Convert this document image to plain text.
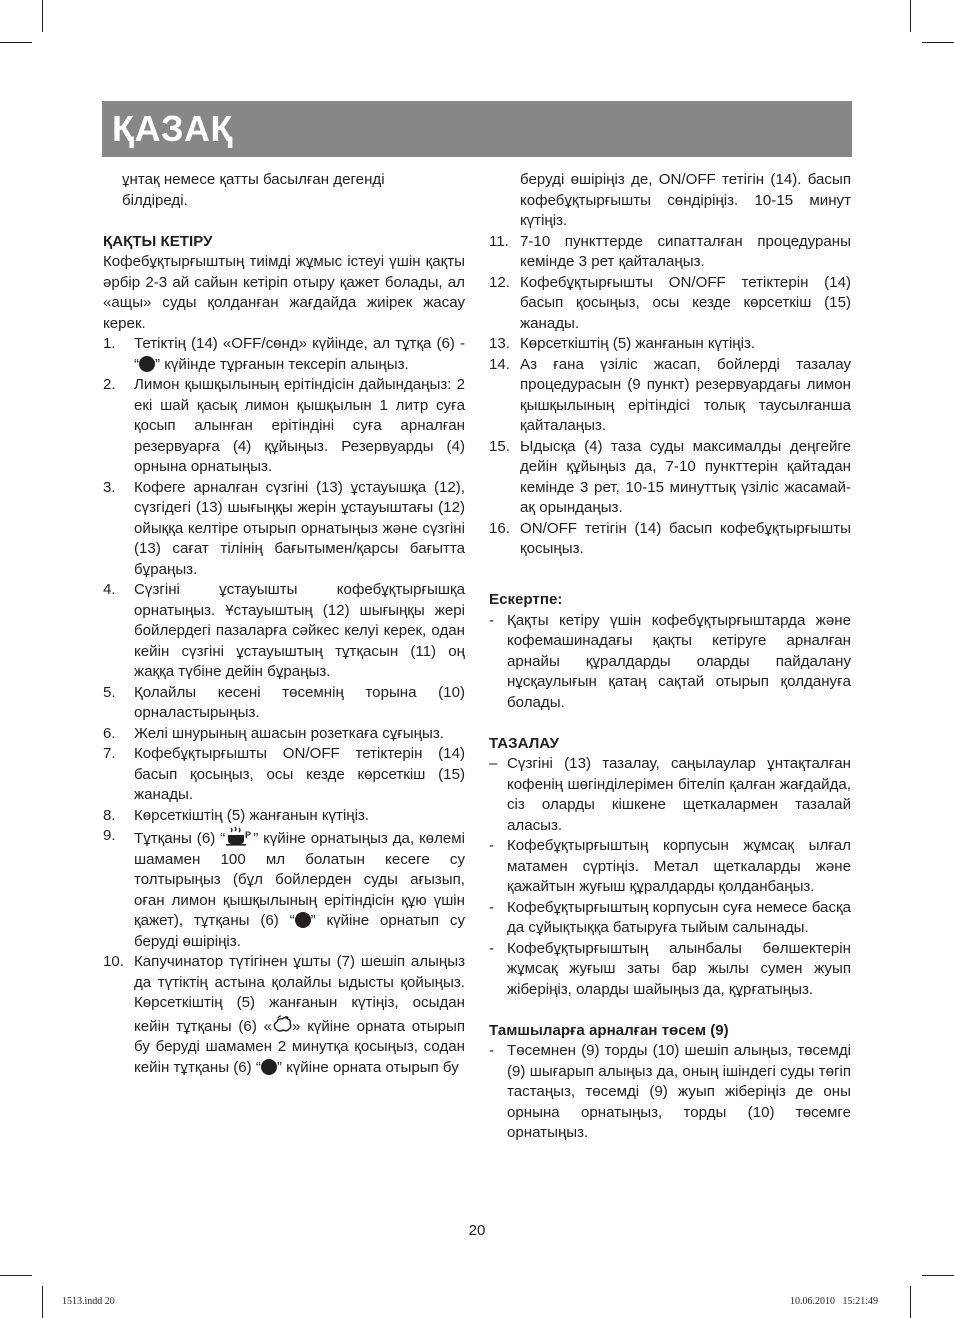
ҚАЗАҚ

ұнтақ немесе қатты басылған дегенді

білдіреді.

ҚАҚТЫ КЕТІРУ

Кофебұқтырғыштың тиімді жұмыс істеуі үшін қақты әрбір 2-3 ай сайын кетіріп отыру қажет болады, ал «ащы» суды қолданған жағдайда жиірек жасау керек.

1.	Тетіктің (14) «OFF/сөнд» күйінде, ал тұтқа (6) - “ ” күйінде тұрғанын тексеріп алыңыз.
2.	Лимон қышқылының ерітіндісін дайындаңыз: 2 екі шай қасық лимон қышқылын 1 литр суға қосып алынған ерітіндіні суға арналған резервуарға (4) құйыңыз. Резервуарды (4) орнына орнатыңыз.
3.	Кофеге арналған сүзгіні (13) ұстауышқа (12), сүзгідегі (13) шығыңқы жерін ұстауыштағы (12) ойыққа келтіре отырып орнатыңыз және сүзгіні (13) сағат тілінің бағытымен/қарсы бағытта бұраңыз.
4.	Сүзгіні ұстауышты кофебұқтырғышқа орнатыңыз. Ұстауыштың (12) шығыңқы жері бойлердегі пазаларға сәйкес келуі керек, одан кейін сүзгіні ұстауыштың тұтқасын (11) оң жаққа түбіне дейін бұраңыз.
5.	Қолайлы кесені төсемнің торына (10) орналастырыңыз.
6.	Желі шнурының ашасын розеткаға сұғыңыз.
7.	Кофебұқтырғышты ON/OFF тетіктерін (14) басып қосыңыз, осы кезде көрсеткіш (15) жанады.
8.	Көрсеткіштің (5) жанғанын күтіңіз.
9.	Тұтқаны (6) “ P ” күйіне орнатыңыз да, көлемі шамамен 100 мл болатын кесеге су толтырыңыз (бұл бойлерден суды ағызып, оған лимон қышқылының ерітіндісін құю үшін қажет), тұтқаны (6) “ ” күйіне орнатып су беруді өшіріңіз.
10. Капучинатор түтігінен ұшты (7) шешіп алыңыз да түтіктің астына қолайлы ыдысты қойыңыз. Көрсеткіштің (5) жанғанын күтіңіз, осыдан кейін тұтқаны (6) « » күйіне орната отырып бу беруді шамамен 2 минутқа қосыңыз, содан кейін тұтқаны (6) “ ” күйіне орната отырып бу
беруді өшіріңіз де, ON/OFF тетігін (14). басып кофебұқтырғышты сөндіріңіз. 10-15 минут күтіңіз.
11. 7-10 пункттерде сипатталған процедураны кемінде 3 рет қайталаңыз.
12. Кофебұқтырғышты ON/OFF тетіктерін (14) басып қосыңыз, осы кезде көрсеткіш (15) жанады.
13. Көрсеткіштің (5) жанғанын күтіңіз.
14. Аз ғана үзіліс жасап, бойлерді тазалау процедурасын (9 пункт) резервуардағы лимон қышқылының ерітіндісі толық таусылғанша қайталаңыз.
15. Ыдысқа (4) таза суды максималды деңгейге дейін құйыңыз да, 7-10 пункттерін қайтадан кемінде 3 рет, 10-15 минуттық үзіліс жасамай-ақ орындаңыз.
16. ON/OFF тетігін (14) басып кофебұқтырғышты қосыңыз.

Ескертпе:

- Қақты кетіру үшін кофебұқтырғыштарда және кофемашинадағы қақты кетіруге арналған арнайы құралдарды оларды пайдалану нұсқаулығын қатаң сақтай отырып қолдануға болады.

ТАЗАЛАУ

– Сүзгіні (13) тазалау, саңылаулар ұнтақталған кофенің шөгінділерімен бітеліп қалған жағдайда, сіз оларды кішкене щеткалармен тазалай аласыз.
- Кофебұқтырғыштың корпусын жұмсақ ылғал матамен сүртіңіз. Метал щеткаларды және қажайтын жуғыш құралдарды қолданбаңыз.
- Кофебұқтырғыштың корпусын суға немесе басқа да сұйықтыққа батыруға тыйым салынады.
- Кофебұқтырғыштың алынбалы бөлшектерін жұмсақ жуғыш заты бар жылы сумен жуып жіберіңіз, оларды шайыңыз да, құрғатыңыз.

Тамшыларға арналған төсем (9)

- Төсемнен (9) торды (10) шешіп алыңыз, төсемді (9) шығарып алыңыз да, оның ішіндегі суды төгіп тастаңыз, төсемді (9) жуып жіберіңіз де оны орнына орнатыңыз, торды (10) төсемге орнатыңыз.
20
1513.indd 20	10.06.2010   15:21:49
